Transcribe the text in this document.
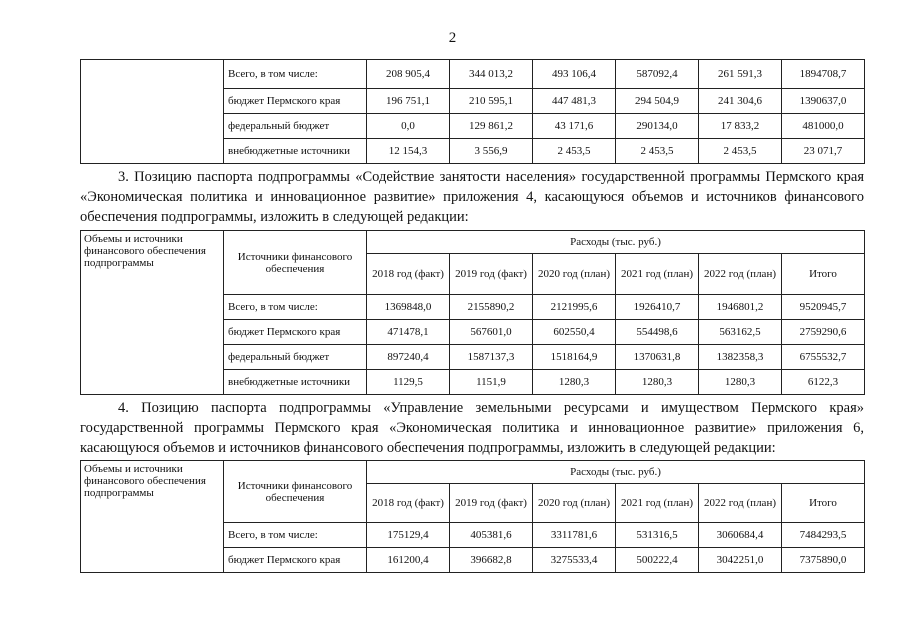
2
	Всего, в том числе:	208 905,4	344 013,2	493 106,4	587092,4	261 591,3	1894708,7
	бюджет Пермского края	196 751,1	210 595,1	447 481,3	294 504,9	241 304,6	1390637,0
	федеральный бюджет	0,0	129 861,2	43 171,6	290134,0	17 833,2	481000,0
	внебюджетные источники	12 154,3	3 556,9	2 453,5	2 453,5	2 453,5	23 071,7
3. Позицию паспорта подпрограммы «Содействие занятости населения» государственной программы Пермского края «Экономическая политика и инновационное развитие» приложения 4, касающуюся объемов и источников финансового обеспечения подпрограммы, изложить в следующей редакции:
Объемы и источники финансового обеспечения подпрограммы	Источники финансового обеспечения	Расходы (тыс. руб.)					
		2018 год (факт)	2019 год (факт)	2020 год (план)	2021 год (план)	2022 год (план)	Итого
	Всего, в том числе:	1369848,0	2155890,2	2121995,6	1926410,7	1946801,2	9520945,7
	бюджет Пермского края	471478,1	567601,0	602550,4	554498,6	563162,5	2759290,6
	федеральный бюджет	897240,4	1587137,3	1518164,9	1370631,8	1382358,3	6755532,7
	внебюджетные источники	1129,5	1151,9	1280,3	1280,3	1280,3	6122,3
4. Позицию паспорта подпрограммы «Управление земельными ресурсами и имуществом Пермского края» государственной программы Пермского края «Экономическая политика и инновационное развитие» приложения 6, касающуюся объемов и источников финансового обеспечения подпрограммы, изложить в следующей редакции:
Объемы и источники финансового обеспечения подпрограммы	Источники финансового обеспечения	Расходы (тыс. руб.)					
		2018 год (факт)	2019 год (факт)	2020 год (план)	2021 год (план)	2022 год (план)	Итого
	Всего, в том числе:	175129,4	405381,6	3311781,6	531316,5	3060684,4	7484293,5
	бюджет Пермского края	161200,4	396682,8	3275533,4	500222,4	3042251,0	7375890,0
